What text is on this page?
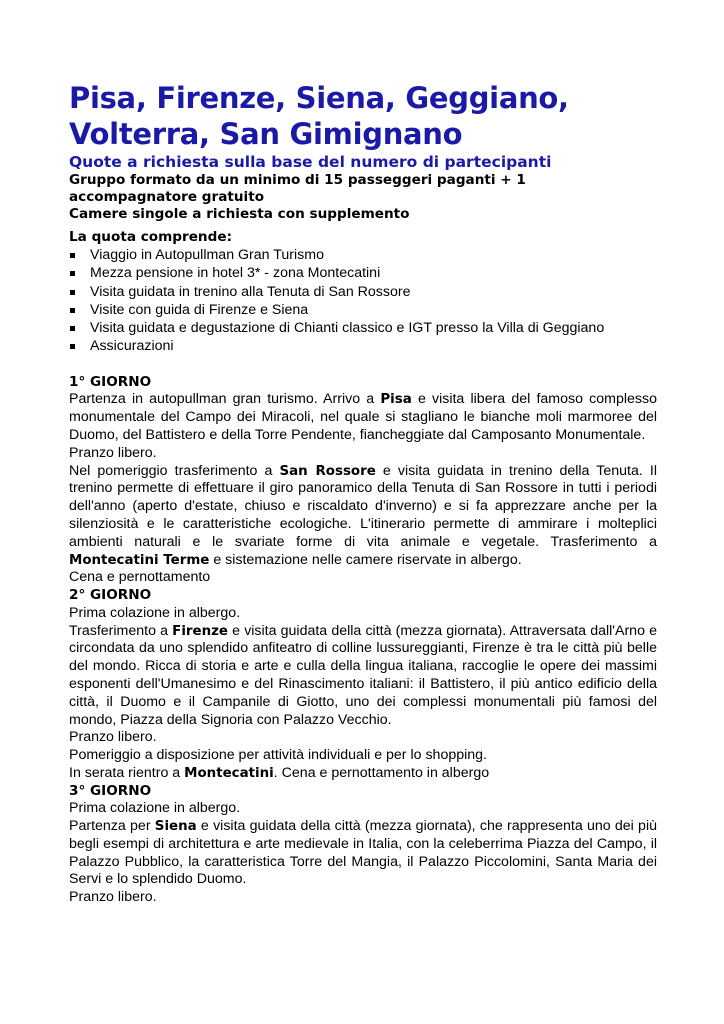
Pisa, Firenze, Siena, Geggiano, Volterra, San Gimignano

Quote a richiesta sulla base del numero di partecipanti

Gruppo formato da un minimo di 15 passeggeri paganti + 1 accompagnatore gratuito

Camere singole a richiesta con supplemento

La quota comprende:

Viaggio in Autopullman Gran Turismo
Mezza pensione in hotel 3* - zona Montecatini
Visita guidata in trenino alla Tenuta di San Rossore
Visite con guida di Firenze e Siena
Visita guidata e degustazione di Chianti classico e IGT presso la Villa di Geggiano
Assicurazioni

1° GIORNO

Partenza in autopullman gran turismo. Arrivo a Pisa e visita libera del famoso complesso monumentale del Campo dei Miracoli, nel quale si stagliano le bianche moli marmoree del Duomo, del Battistero e della Torre Pendente, fiancheggiate dal Camposanto Monumentale.

Pranzo libero.

Nel pomeriggio trasferimento a San Rossore e visita guidata in trenino della Tenuta. Il trenino permette di effettuare il giro panoramico della Tenuta di San Rossore in tutti i periodi dell'anno (aperto d'estate, chiuso e riscaldato d'inverno) e si fa apprezzare anche per la silenziosità e le caratteristiche ecologiche. L'itinerario permette di ammirare i molteplici ambienti naturali e le svariate forme di vita animale e vegetale. Trasferimento a Montecatini Terme e sistemazione nelle camere riservate in albergo.

Cena e pernottamento

2° GIORNO

Prima colazione in albergo.

Trasferimento a Firenze e visita guidata della città (mezza giornata). Attraversata dall'Arno e circondata da uno splendido anfiteatro di colline lussureggianti, Firenze è tra le città più belle del mondo. Ricca di storia e arte e culla della lingua italiana, raccoglie le opere dei massimi esponenti dell'Umanesimo e del Rinascimento italiani: il Battistero, il più antico edificio della città, il Duomo e il Campanile di Giotto, uno dei complessi monumentali più famosi del mondo, Piazza della Signoria con Palazzo Vecchio.

Pranzo libero.

Pomeriggio a disposizione per attività individuali e per lo shopping.

In serata rientro a Montecatini. Cena e pernottamento in albergo

3° GIORNO

Prima colazione in albergo.

Partenza per Siena e visita guidata della città (mezza giornata), che rappresenta uno dei più begli esempi di architettura e arte medievale in Italia, con la celeberrima Piazza del Campo, il Palazzo Pubblico, la caratteristica Torre del Mangia, il Palazzo Piccolomini, Santa Maria dei Servi e lo splendido Duomo.

Pranzo libero.
